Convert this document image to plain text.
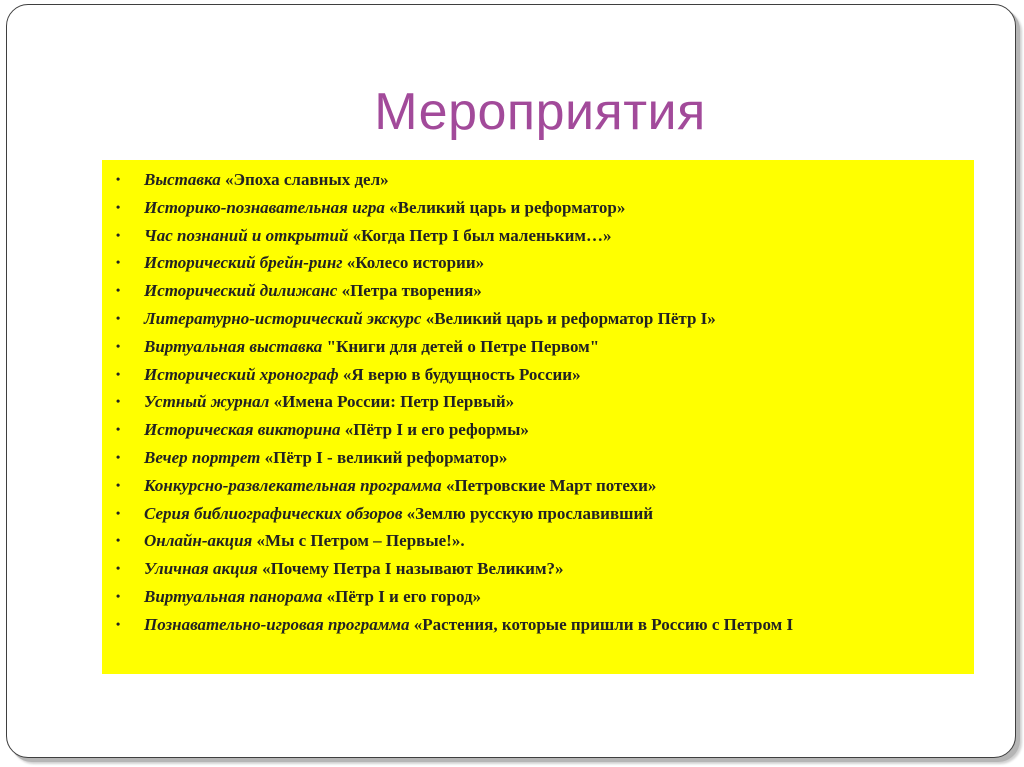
Мероприятия
• Выставка «Эпоха славных дел»
• Историко-познавательная игра «Великий царь и реформатор»
• Час познаний и открытий «Когда Петр I был маленьким…»
• Исторический брейн-ринг «Колесо истории»
• Исторический дилижанс «Петра творения»
• Литературно-исторический экскурс «Великий царь и реформатор Пётр I»
• Виртуальная выставка "Книги для детей о Петре Первом"
• Исторический хронограф «Я верю в будущность России»
• Устный журнал «Имена России: Петр Первый»
• Историческая викторина «Пётр I и его реформы»
• Вечер портрет «Пётр I - великий реформатор»
• Конкурсно-развлекательная программа «Петровские Март потехи»
• Серия библиографических обзоров «Землю русскую прославивший
• Онлайн-акция «Мы с Петром – Первые!».
• Уличная акция «Почему Петра I называют Великим?»
• Виртуальная панорама «Пётр I и его город»
• Познавательно-игровая программа «Растения, которые пришли в Россию с Петром I
